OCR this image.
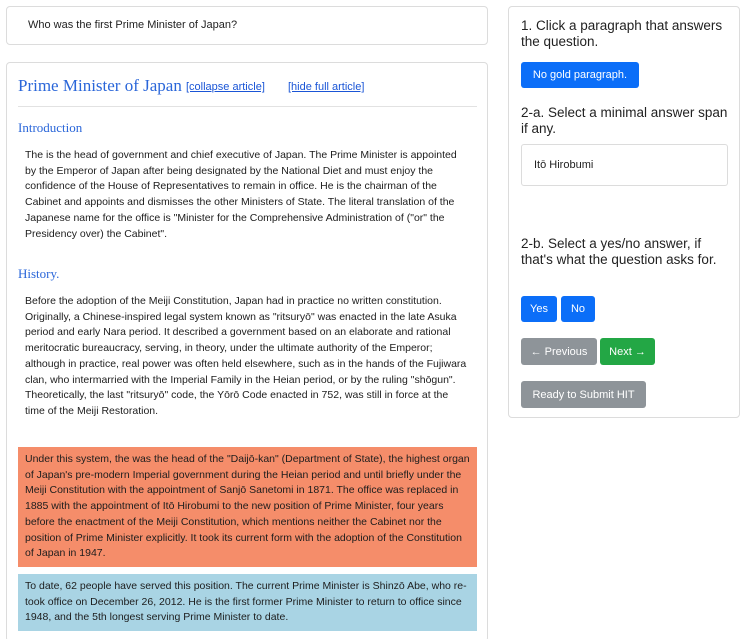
Who was the first Prime Minister of Japan?
Prime Minister of Japan [collapse article] [hide full article]
Introduction
The is the head of government and chief executive of Japan. The Prime Minister is appointed by the Emperor of Japan after being designated by the National Diet and must enjoy the confidence of the House of Representatives to remain in office. He is the chairman of the Cabinet and appoints and dismisses the other Ministers of State. The literal translation of the Japanese name for the office is "Minister for the Comprehensive Administration of ("or" the Presidency over) the Cabinet".
History.
Before the adoption of the Meiji Constitution, Japan had in practice no written constitution. Originally, a Chinese-inspired legal system known as "ritsuryō" was enacted in the late Asuka period and early Nara period. It described a government based on an elaborate and rational meritocratic bureaucracy, serving, in theory, under the ultimate authority of the Emperor; although in practice, real power was often held elsewhere, such as in the hands of the Fujiwara clan, who intermarried with the Imperial Family in the Heian period, or by the ruling "shōgun". Theoretically, the last "ritsuryō" code, the Yōrō Code enacted in 752, was still in force at the time of the Meiji Restoration.
Under this system, the was the head of the "Daijō-kan" (Department of State), the highest organ of Japan's pre-modern Imperial government during the Heian period and until briefly under the Meiji Constitution with the appointment of Sanjō Sanetomi in 1871. The office was replaced in 1885 with the appointment of Itō Hirobumi to the new position of Prime Minister, four years before the enactment of the Meiji Constitution, which mentions neither the Cabinet nor the position of Prime Minister explicitly. It took its current form with the adoption of the Constitution of Japan in 1947.
To date, 62 people have served this position. The current Prime Minister is Shinzō Abe, who re-took office on December 26, 2012. He is the first former Prime Minister to return to office since 1948, and the 5th longest serving Prime Minister to date.
1. Click a paragraph that answers the question.
No gold paragraph.
2-a. Select a minimal answer span if any.
Itō Hirobumi
2-b. Select a yes/no answer, if that's what the question asks for.
Yes	No
← Previous	Next →
Ready to Submit HIT
